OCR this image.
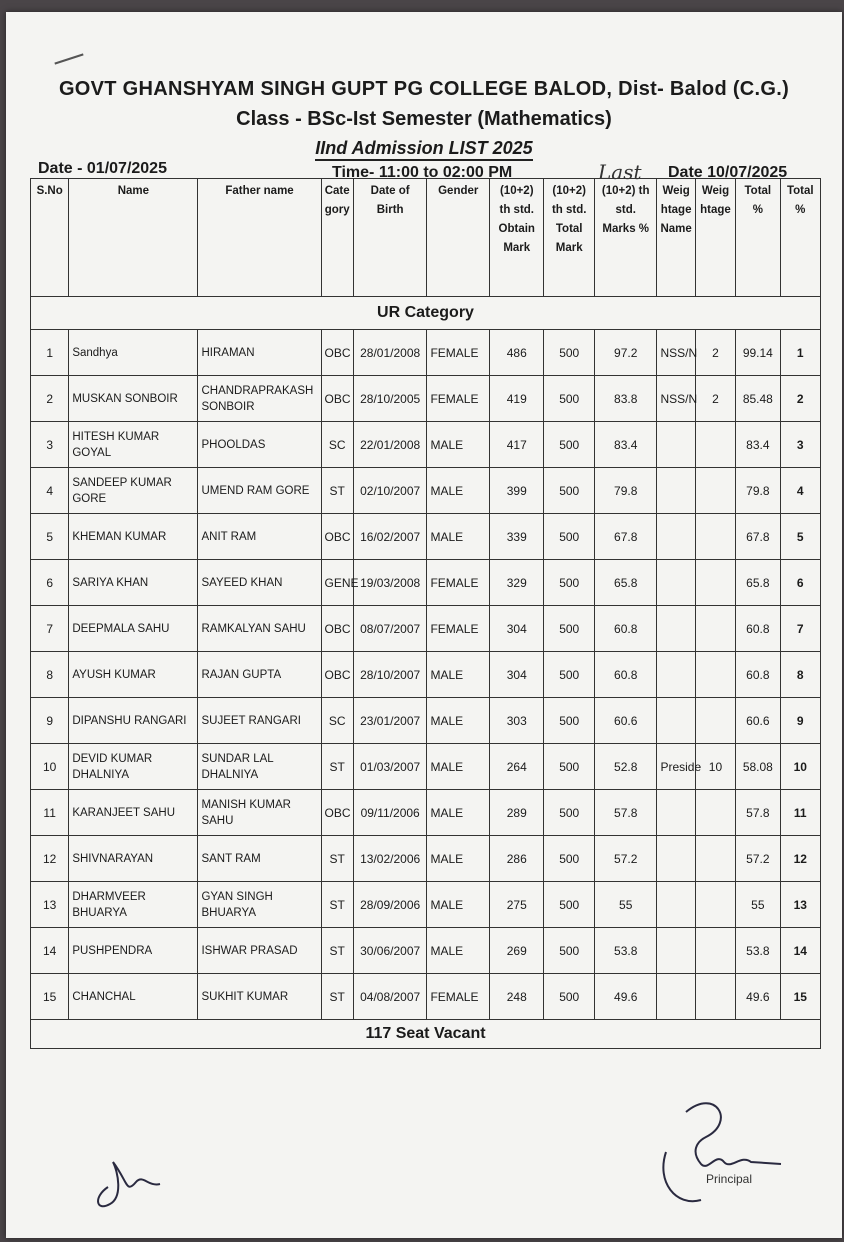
GOVT GHANSHYAM SINGH GUPT PG COLLEGE BALOD, Dist- Balod (C.G.)
Class - BSc-Ist Semester (Mathematics)
IInd Admission LIST 2025
Date - 01/07/2025	Time- 11:00 to 02:00 PM	Last Date 10/07/2025
S.No	Name	Father name	Category	Date of Birth	Gender	(10+2) th std. Obtain Mark	(10+2) th std. Total Mark	(10+2) th std. Marks %	Weightage Name	Weightage	Total %	Total %
UR Category												
1	Sandhya	HIRAMAN	OBC	28/01/2008	FEMALE	486	500	97.2	NSS/N	2	99.14	1
2	MUSKAN SONBOIR	CHANDRAPRAKASH SONBOIR	OBC	28/10/2005	FEMALE	419	500	83.8	NSS/N	2	85.48	2
3	HITESH KUMAR GOYAL	PHOOLDAS	SC	22/01/2008	MALE	417	500	83.4			83.4	3
4	SANDEEP KUMAR GORE	UMEND RAM GORE	ST	02/10/2007	MALE	399	500	79.8			79.8	4
5	KHEMAN KUMAR	ANIT RAM	OBC	16/02/2007	MALE	339	500	67.8			67.8	5
6	SARIYA KHAN	SAYEED KHAN	GENE	19/03/2008	FEMALE	329	500	65.8			65.8	6
7	DEEPMALA SAHU	RAMKALYAN SAHU	OBC	08/07/2007	FEMALE	304	500	60.8			60.8	7
8	AYUSH KUMAR	RAJAN GUPTA	OBC	28/10/2007	MALE	304	500	60.8			60.8	8
9	DIPANSHU RANGARI	SUJEET RANGARI	SC	23/01/2007	MALE	303	500	60.6			60.6	9
10	DEVID KUMAR DHALNIYA	SUNDAR LAL DHALNIYA	ST	01/03/2007	MALE	264	500	52.8	Preside	10	58.08	10
11	KARANJEET SAHU	MANISH KUMAR SAHU	OBC	09/11/2006	MALE	289	500	57.8			57.8	11
12	SHIVNARAYAN	SANT RAM	ST	13/02/2006	MALE	286	500	57.2			57.2	12
13	DHARMVEER BHUARYA	GYAN SINGH BHUARYA	ST	28/09/2006	MALE	275	500	55			55	13
14	PUSHPENDRA	ISHWAR PRASAD	ST	30/06/2007	MALE	269	500	53.8			53.8	14
15	CHANCHAL	SUKHIT KUMAR	ST	04/08/2007	FEMALE	248	500	49.6			49.6	15
117 Seat Vacant												
Principal
